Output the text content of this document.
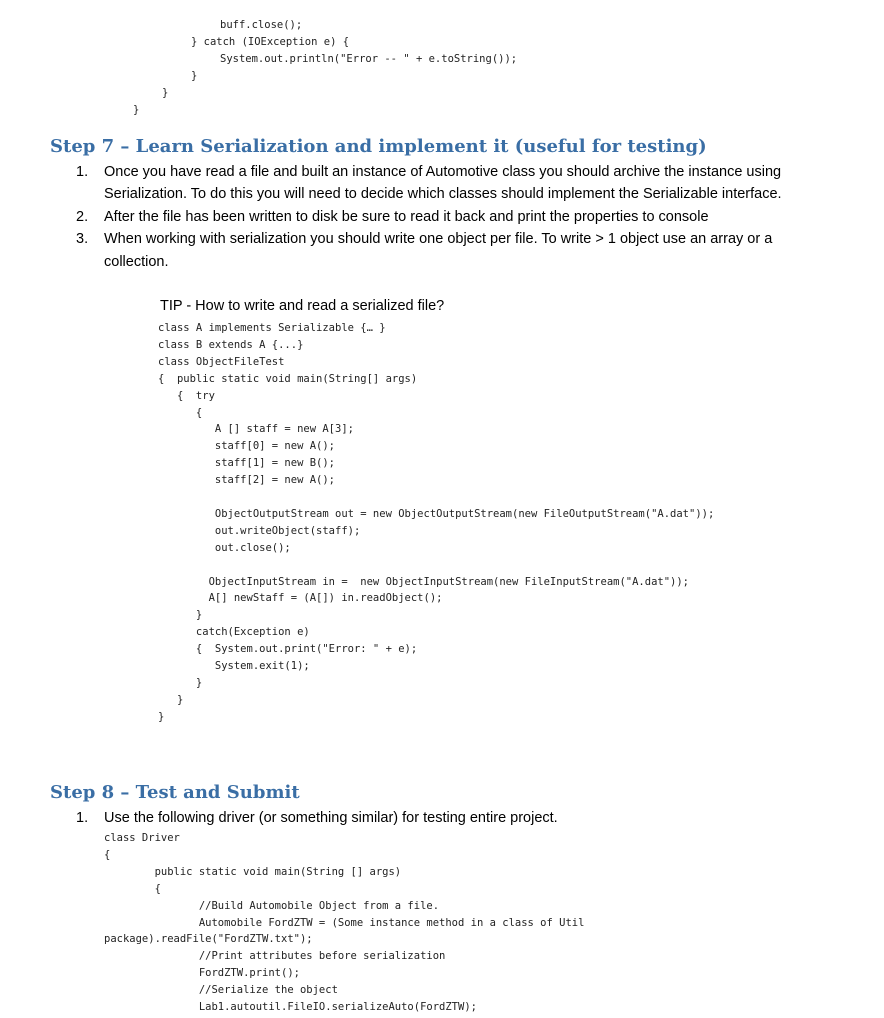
buff.close();
} catch (IOException e) {
System.out.println("Error -- " + e.toString());
}
}
}
Step 7 – Learn Serialization and implement it (useful for testing)
1. Once you have read a file and built an instance of Automotive class you should archive the instance using
Serialization. To do this you will need to decide which classes should implement the Serializable interface.
2. After the file has been written to disk be sure to read it back and print the properties to console
3. When working with serialization you should write one object per file. To write > 1 object use an array or a
collection.
TIP - How to write and read a serialized file?
class A implements Serializable {… }
class B extends A {...}
class ObjectFileTest
{  public static void main(String[] args)
{  try
{
A [] staff = new A[3];
staff[0] = new A();
staff[1] = new B();
staff[2] = new A();
ObjectOutputStream out = new ObjectOutputStream(new FileOutputStream("A.dat"));
out.writeObject(staff);
out.close();
ObjectInputStream in =  new ObjectInputStream(new FileInputStream("A.dat"));
A[] newStaff = (A[]) in.readObject();
}
catch(Exception e)
{  System.out.print("Error: " + e);
System.exit(1);
}
}
}
Step 8 – Test and Submit
1. Use the following driver (or something similar) for testing entire project.
class Driver
{
public static void main(String [] args)
{
//Build Automobile Object from a file.
Automobile FordZTW = (Some instance method in a class of Util
package).readFile("FordZTW.txt");
//Print attributes before serialization
FordZTW.print();
//Serialize the object
Lab1.autoutil.FileIO.serializeAuto(FordZTW);
